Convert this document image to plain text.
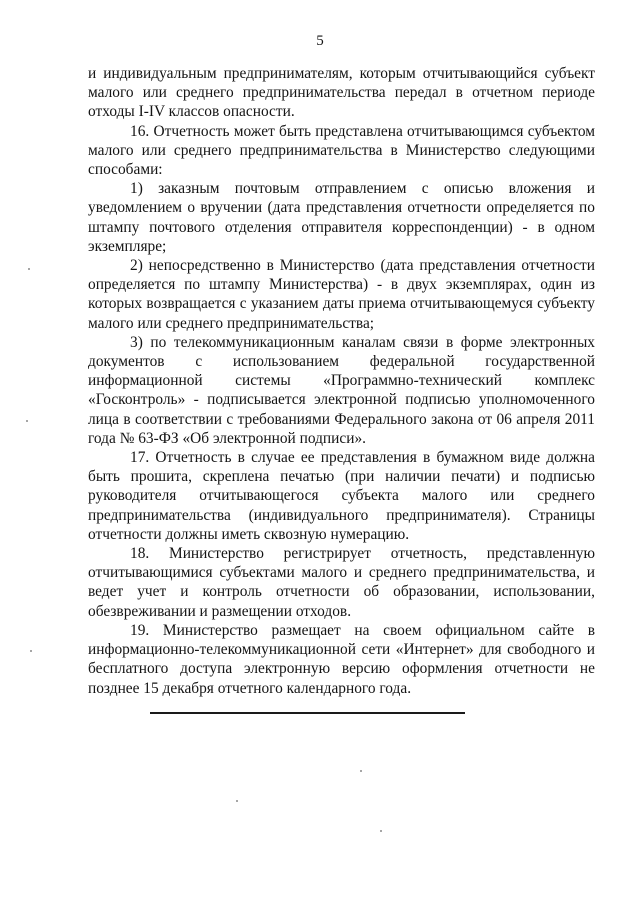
5

и индивидуальным предпринимателям, которым отчитывающийся субъект малого или среднего предпринимательства передал в отчетном периоде отходы I-IV классов опасности.

16. Отчетность может быть представлена отчитывающимся субъектом малого или среднего предпринимательства в Министерство следующими способами:

1) заказным почтовым отправлением с описью вложения и уведомлением о вручении (дата представления отчетности определяется по штампу почтового отделения отправителя корреспонденции) - в одном экземпляре;

2) непосредственно в Министерство (дата представления отчетности определяется по штампу Министерства) - в двух экземплярах, один из которых возвращается с указанием даты приема отчитывающемуся субъекту малого или среднего предпринимательства;

3) по телекоммуникационным каналам связи в форме электронных документов с использованием федеральной государственной информационной системы «Программно-технический комплекс «Госконтроль» - подписывается электронной подписью уполномоченного лица в соответствии с требованиями Федерального закона от 06 апреля 2011 года № 63-ФЗ «Об электронной подписи».

17. Отчетность в случае ее представления в бумажном виде должна быть прошита, скреплена печатью (при наличии печати) и подписью руководителя отчитывающегося субъекта малого или среднего предпринимательства (индивидуального предпринимателя). Страницы отчетности должны иметь сквозную нумерацию.

18. Министерство регистрирует отчетность, представленную отчитывающимися субъектами малого и среднего предпринимательства, и ведет учет и контроль отчетности об образовании, использовании, обезвреживании и размещении отходов.

19. Министерство размещает на своем официальном сайте в информационно-телекоммуникационной сети «Интернет» для свободного и бесплатного доступа электронную версию оформления отчетности не позднее 15 декабря отчетного календарного года.
